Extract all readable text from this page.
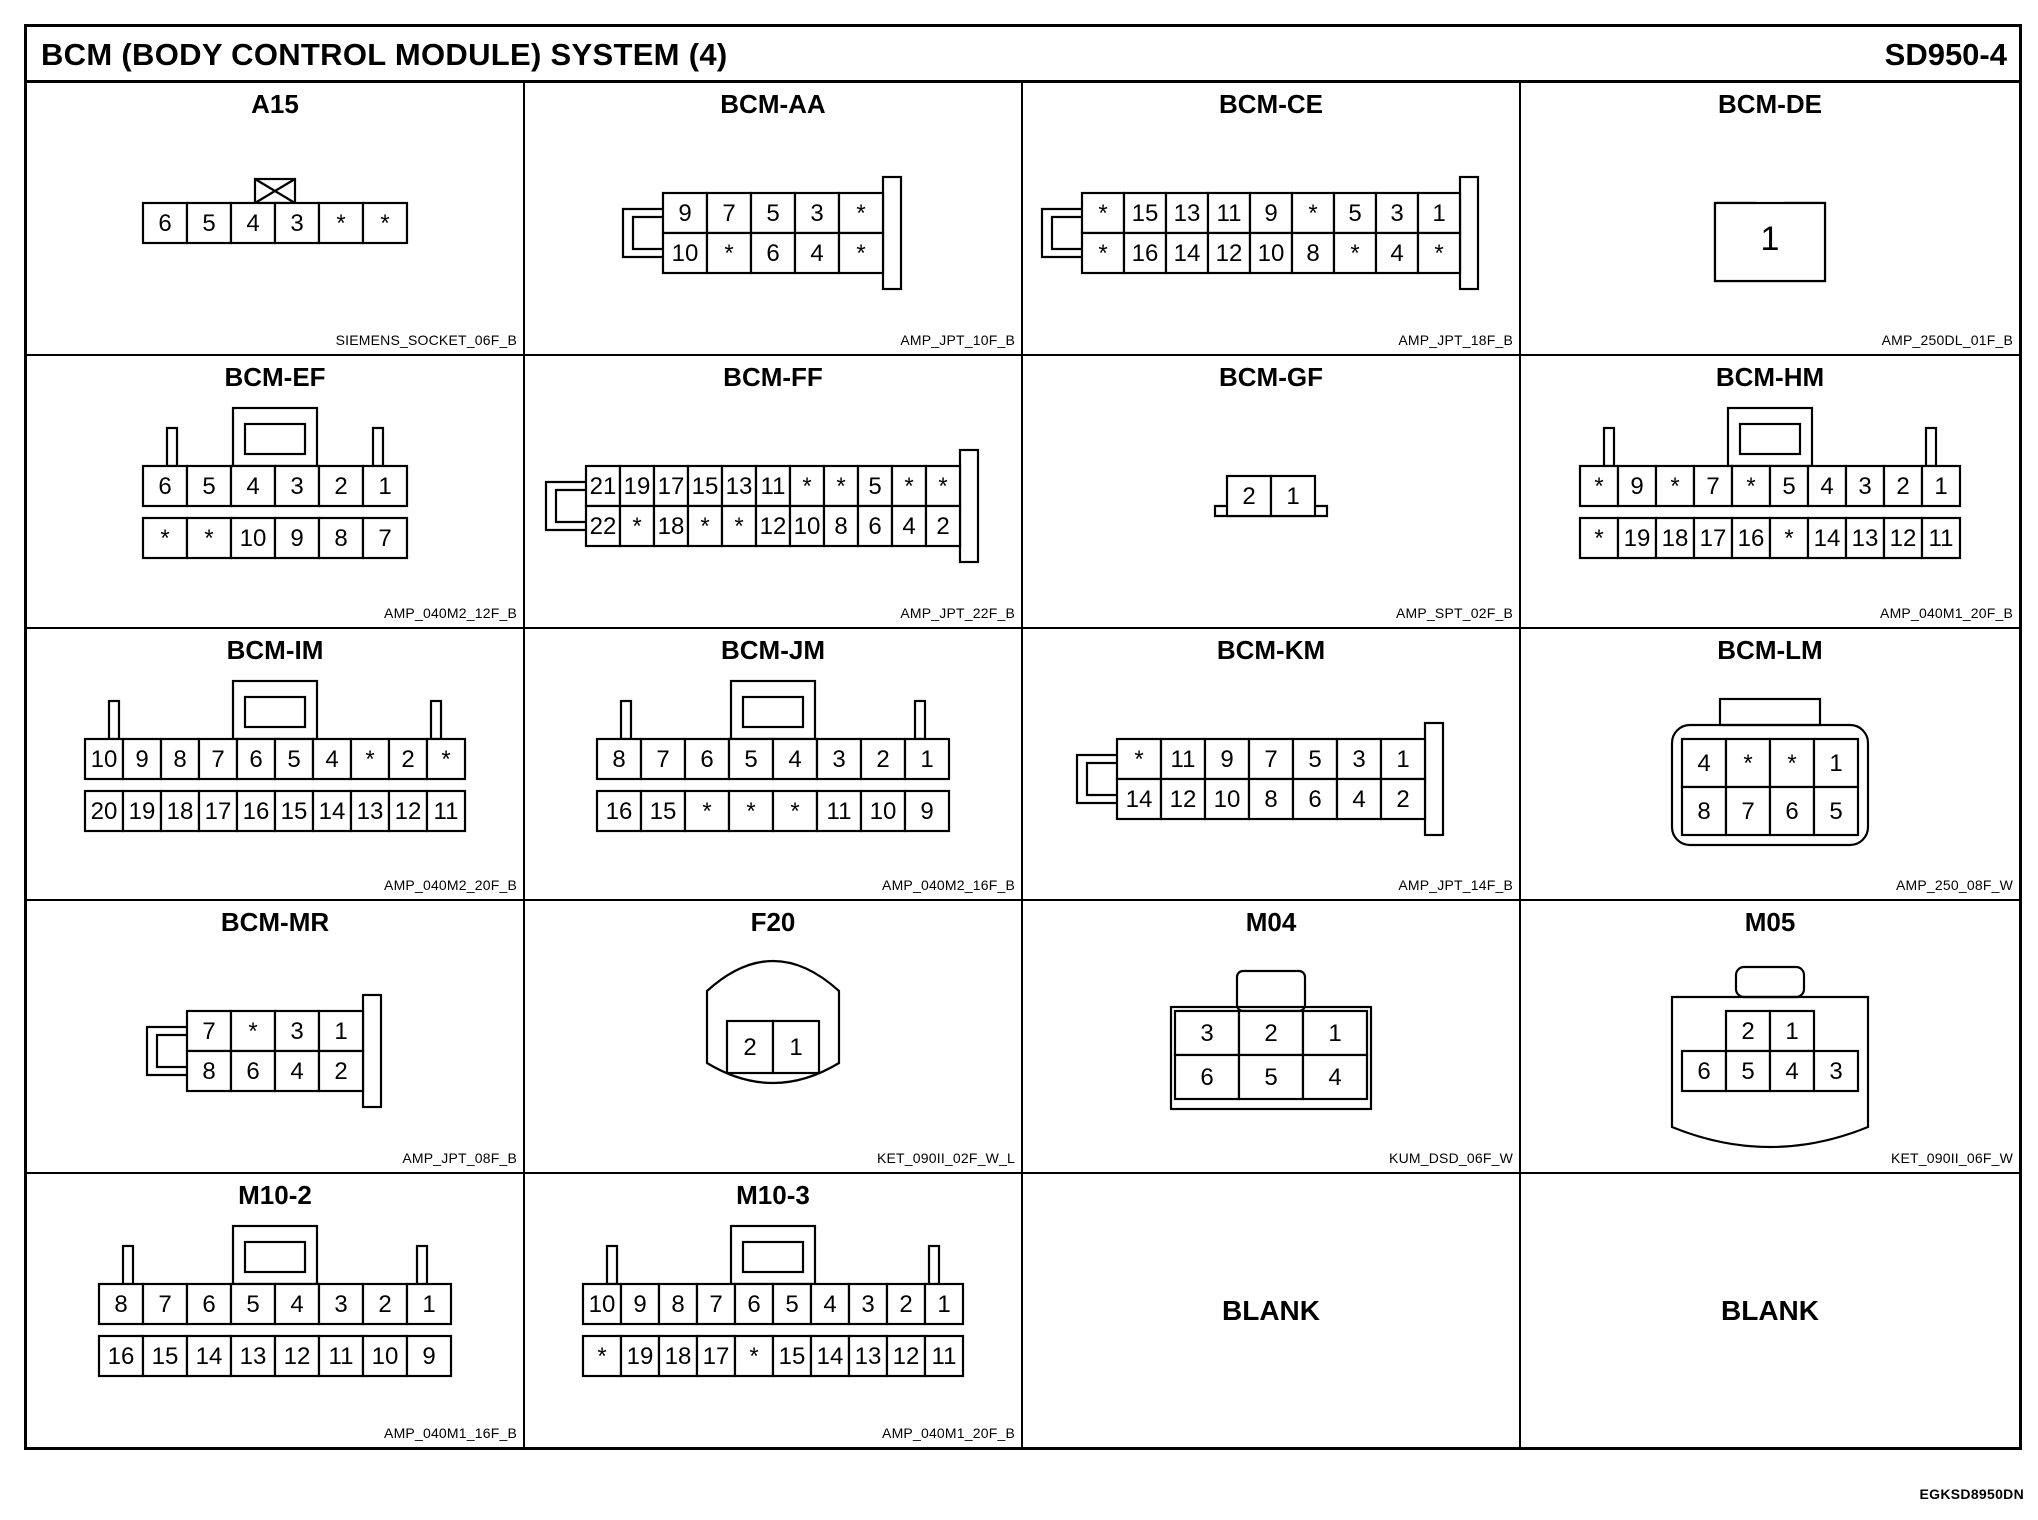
BCM (BODY CONTROL MODULE) SYSTEM (4)	SD950-4
A15
6 5 4 3 * *
SIEMENS_SOCKET_06F_B
BCM-AA
9 7 5 3 *
10 * 6 4 *
AMP_JPT_10F_B
BCM-CE
* 15 13 11 9 * 5 3 1
* 16 14 12 10 8 * 4 *
AMP_JPT_18F_B
BCM-DE
1
AMP_250DL_01F_B
BCM-EF
6 5 4 3 2 1
* * 10 9 8 7
AMP_040M2_12F_B
BCM-FF
21 19 17 15 13 11 * * 5 * *
22 * 18 * * 12 10 8 6 4 2
AMP_JPT_22F_B
BCM-GF
2 1
AMP_SPT_02F_B
BCM-HM
* 9 * 7 * 5 4 3 2 1
* 19 18 17 16 * 14 13 12 11
AMP_040M1_20F_B
BCM-IM
10 9 8 7 6 5 4 * 2 *
20 19 18 17 16 15 14 13 12 11
AMP_040M2_20F_B
BCM-JM
8 7 6 5 4 3 2 1
16 15 * * * 11 10 9
AMP_040M2_16F_B
BCM-KM
* 11 9 7 5 3 1
14 12 10 8 6 4 2
AMP_JPT_14F_B
BCM-LM
4 * * 1
8 7 6 5
AMP_250_08F_W
BCM-MR
7 * 3 1
8 6 4 2
AMP_JPT_08F_B
F20
2 1
KET_090II_02F_W_L
M04
3 2 1
6 5 4
KUM_DSD_06F_W
M05
2 1
6 5 4 3
KET_090II_06F_W
M10-2
8 7 6 5 4 3 2 1
16 15 14 13 12 11 10 9
AMP_040M1_16F_B
M10-3
10 9 8 7 6 5 4 3 2 1
* 19 18 17 * 15 14 13 12 11
AMP_040M1_20F_B
BLANK	BLANK
EGKSD8950DN
